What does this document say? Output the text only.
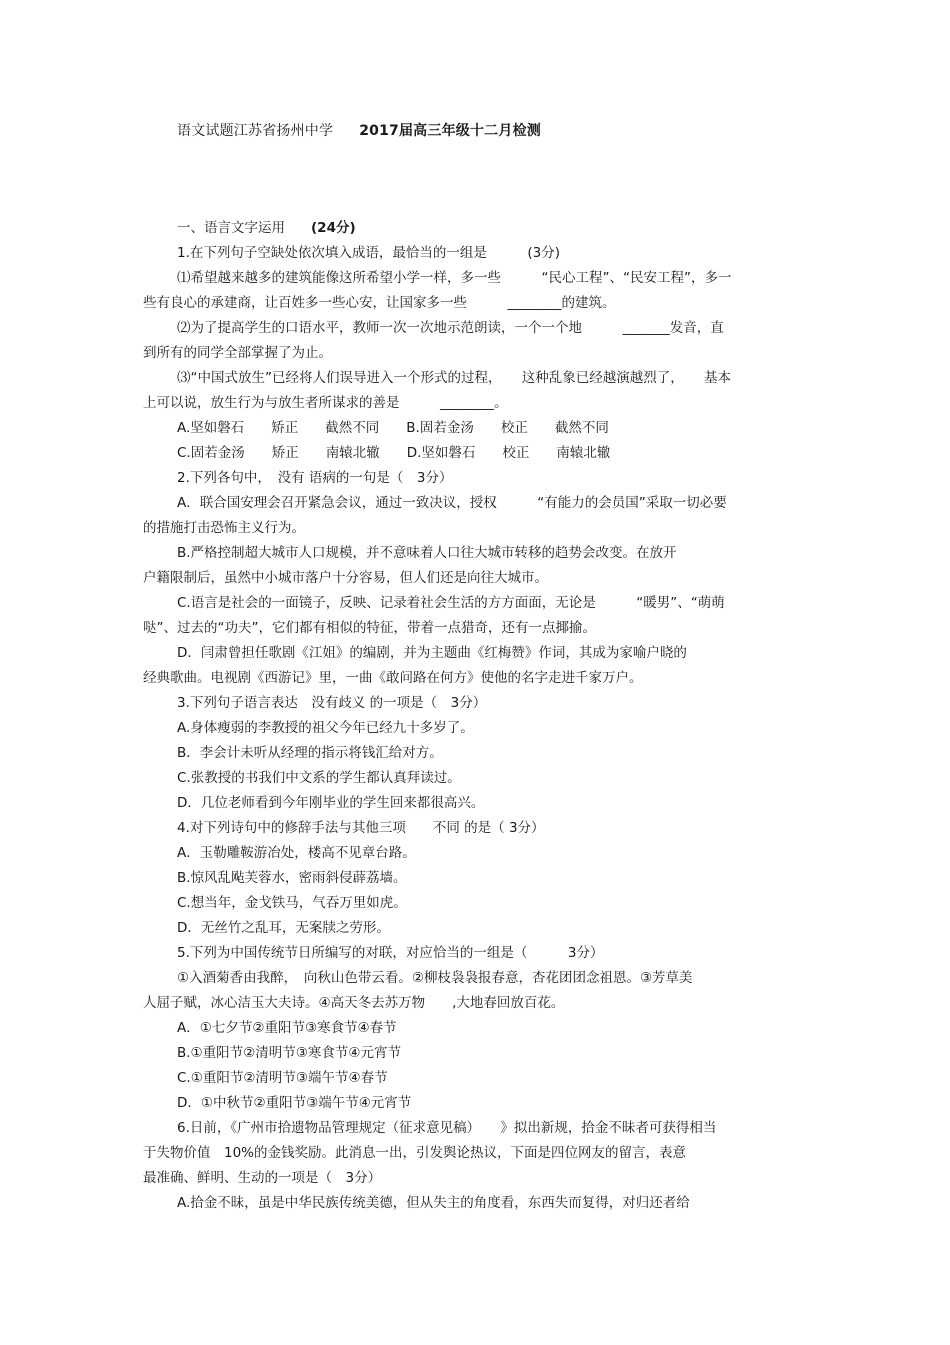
语文试题江苏省扬州中学 2017届高三年级十二月检测
一、语言文字运用 (24分)
1.在下列句子空缺处依次填入成语，最恰当的一组是　　　(3分)
⑴希望越来越多的建筑能像这所希望小学一样，多一些　　　“民心工程”、“民安工程”，多一
些有良心的承建商，让百姓多一些心安，让国家多一些　　　________的建筑。
⑵为了提高学生的口语水平，教师一次一次地示范朗读，一个一个地　　　_______发音，直
到所有的同学全部掌握了为止。
⑶“中国式放生”已经将人们误导进入一个形式的过程，　　这种乱象已经越演越烈了，　　基本
上可以说，放生行为与放生者所谋求的善是　　　________。
A.坚如磐石　　矫正　　截然不同　　B.固若金汤　　校正　　截然不同
C.固若金汤　　矫正　　南辕北辙　　D.坚如磐石　　校正　　南辕北辙
2.下列各句中，　没有 语病的一句是（　3分）
A．联合国安理会召开紧急会议，通过一致决议，授权　　　“有能力的会员国”采取一切必要
的措施打击恐怖主义行为。
B.严格控制超大城市人口规模，并不意味着人口往大城市转移的趋势会改变。在放开
户籍限制后，虽然中小城市落户十分容易，但人们还是向往大城市。
C.语言是社会的一面镜子，反映、记录着社会生活的方方面面，无论是　　　“暖男”、“萌萌
哒”、过去的“功夫”，它们都有相似的特征，带着一点猎奇，还有一点揶揄。
D．闫肃曾担任歌剧《江姐》的编剧，并为主题曲《红梅赞》作词，其成为家喻户晓的
经典歌曲。电视剧《西游记》里，一曲《敢问路在何方》使他的名字走进千家万户。
3.下列句子语言表达　没有歧义 的一项是（　3分）
A.身体瘦弱的李教授的祖父今年已经九十多岁了。
B．李会计未听从经理的指示将钱汇给对方。
C.张教授的书我们中文系的学生都认真拜读过。
D．几位老师看到今年刚毕业的学生回来都很高兴。
4.对下列诗句中的修辞手法与其他三项　　不同 的是（ 3分）
A．玉勒雕鞍游冶处，楼高不见章台路。
B.惊风乱飐芙蓉水，密雨斜侵薜荔墙。
C.想当年，金戈铁马，气吞万里如虎。
D．无丝竹之乱耳，无案牍之劳形。
5.下列为中国传统节日所编写的对联，对应恰当的一组是（　　　3分）
①入酒菊香由我醉，　向秋山色带云看。②柳枝袅袅报春意，杏花团团念祖恩。③芳草美
人屈子赋，冰心洁玉大夫诗。④高天冬去苏万物　　,大地春回放百花。
A．①七夕节②重阳节③寒食节④春节
B.①重阳节②清明节③寒食节④元宵节
C.①重阳节②清明节③端午节④春节
D．①中秋节②重阳节③端午节④元宵节
6.日前，《广州市拾遗物品管理规定（征求意见稿）　　》拟出新规，拾金不昧者可获得相当
于失物价值　10%的金钱奖励。此消息一出，引发舆论热议，下面是四位网友的留言，表意
最准确、鲜明、生动的一项是（　3分）
A.拾金不昧，虽是中华民族传统美德，但从失主的角度看，东西失而复得，对归还者给
